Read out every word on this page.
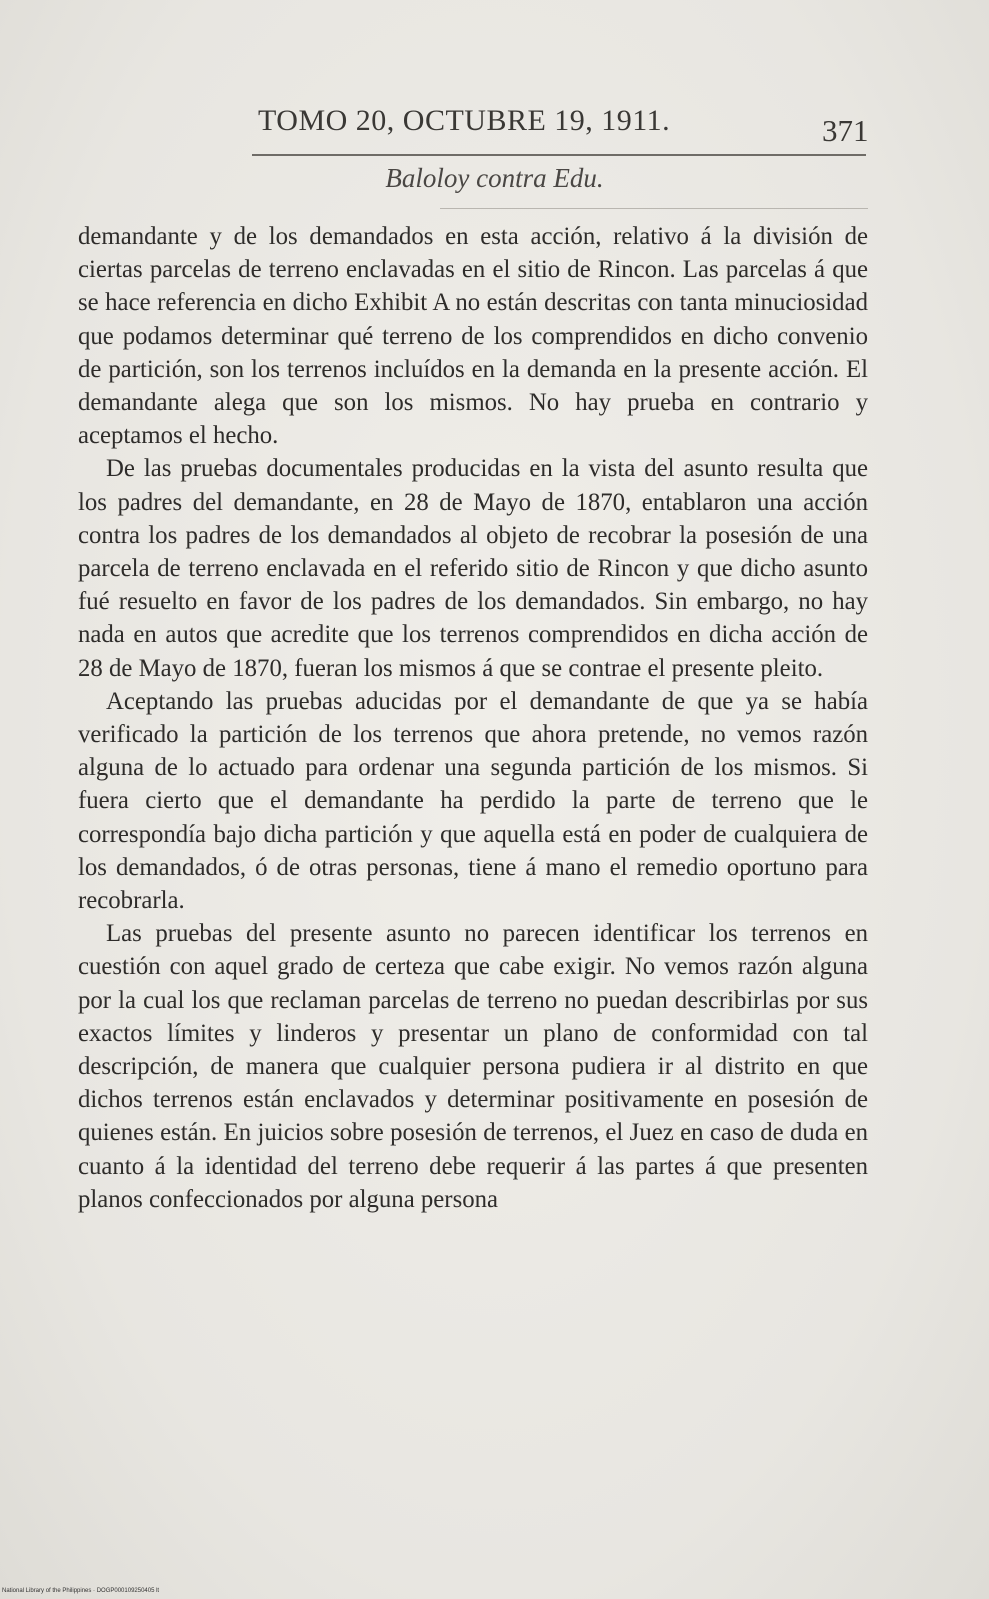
TOMO 20, OCTUBRE 19, 1911.	371
Baloloy contra Edu.

demandante y de los demandados en esta acción, relativo á la división de ciertas parcelas de terreno enclavadas en el sitio de Rincon. Las parcelas á que se hace referencia en dicho Exhibit A no están descritas con tanta minuciosidad que podamos determinar qué terreno de los comprendidos en dicho convenio de partición, son los terrenos incluídos en la demanda en la presente acción. El demandante alega que son los mismos. No hay prueba en contrario y aceptamos el hecho.

De las pruebas documentales producidas en la vista del asunto resulta que los padres del demandante, en 28 de Mayo de 1870, entablaron una acción contra los padres de los demandados al objeto de recobrar la posesión de una parcela de terreno enclavada en el referido sitio de Rincon y que dicho asunto fué resuelto en favor de los padres de los demandados. Sin embargo, no hay nada en autos que acredite que los terrenos comprendidos en dicha acción de 28 de Mayo de 1870, fueran los mismos á que se contrae el presente pleito.

Aceptando las pruebas aducidas por el demandante de que ya se había verificado la partición de los terrenos que ahora pretende, no vemos razón alguna de lo actuado para ordenar una segunda partición de los mismos. Si fuera cierto que el demandante ha perdido la parte de terreno que le correspondía bajo dicha partición y que aquella está en poder de cualquiera de los demandados, ó de otras personas, tiene á mano el remedio oportuno para recobrarla.

Las pruebas del presente asunto no parecen identificar los terrenos en cuestión con aquel grado de certeza que cabe exigir. No vemos razón alguna por la cual los que reclaman parcelas de terreno no puedan describirlas por sus exactos límites y linderos y presentar un plano de conformidad con tal descripción, de manera que cualquier persona pudiera ir al distrito en que dichos terrenos están enclavados y determinar positivamente en posesión de quienes están. En juicios sobre posesión de terrenos, el Juez en caso de duda en cuanto á la identidad del terreno debe requerir á las partes á que presenten planos confeccionados por alguna persona

National Library of the Philippines · DOGP000109250405 lt
